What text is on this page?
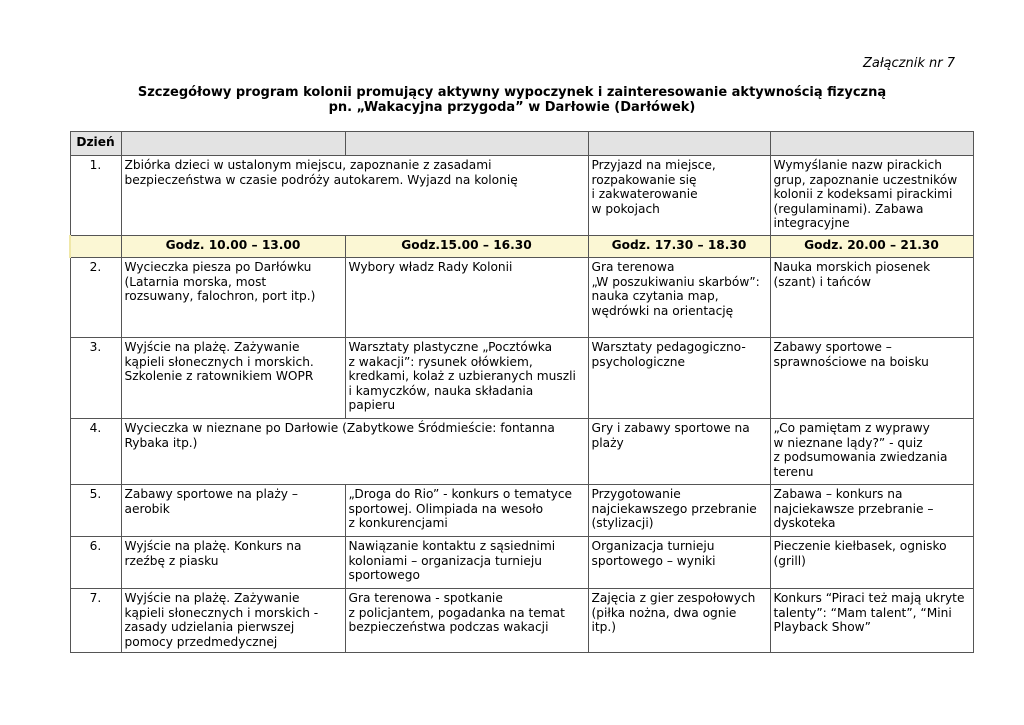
Załącznik nr 7
Szczegółowy program kolonii promujący aktywny wypoczynek i zainteresowanie aktywnością fizyczną
pn. „Wakacyjna przygoda” w Darłowie (Darłówek)
Dzień				
1.	Zbiórka dzieci w ustalonym miejscu, zapoznanie z zasadami
bezpieczeństwa w czasie podróży autokarem. Wyjazd na kolonię		Przyjazd na miejsce,
rozpakowanie się
i zakwaterowanie
w pokojach	Wymyślanie nazw pirackich
grup, zapoznanie uczestników
kolonii z kodeksami pirackimi
(regulaminami). Zabawa
integracyjne

	Godz. 10.00 – 13.00	Godz.15.00 – 16.30	Godz. 17.30 – 18.30	Godz. 20.00 – 21.30
2.	Wycieczka piesza po Darłówku
(Latarnia morska, most
rozsuwany, falochron, port itp.)	Wybory władz Rady Kolonii	Gra terenowa
„W poszukiwaniu skarbów”:
nauka czytania map,
wędrówki na orientację	Nauka morskich piosenek
(szant) i tańców

3.	Wyjście na plażę. Zażywanie
kąpieli słonecznych i morskich.
Szkolenie z ratownikiem WOPR	Warsztaty plastyczne „Pocztówka
z wakacji”: rysunek ołówkiem,
kredkami, kolaż z uzbieranych muszli
i kamyczków, nauka składania
papieru	Warsztaty pedagogiczno-
psychologiczne	Zabawy sportowe –
sprawnościowe na boisku

4.	Wycieczka w nieznane po Darłowie (Zabytkowe Śródmieście: fontanna
Rybaka itp.)		Gry i zabawy sportowe na
plaży	„Co pamiętam z wyprawy
w nieznane lądy?” - quiz
z podsumowania zwiedzania
terenu

5.	Zabawy sportowe na plaży –
aerobik	„Droga do Rio” - konkurs o tematyce
sportowej. Olimpiada na wesoło
z konkurencjami	Przygotowanie
najciekawszego przebranie
(stylizacji)	Zabawa – konkurs na
najciekawsze przebranie –
dyskoteka

6.	Wyjście na plażę. Konkurs na
rzeźbę z piasku	Nawiązanie kontaktu z sąsiednimi
koloniami – organizacja turnieju
sportowego	Organizacja turnieju
sportowego – wyniki	Pieczenie kiełbasek, ognisko
(grill)

7.	Wyjście na plażę. Zażywanie
kąpieli słonecznych i morskich -
zasady udzielania pierwszej
pomocy przedmedycznej	Gra terenowa - spotkanie
z policjantem, pogadanka na temat
bezpieczeństwa podczas wakacji	Zajęcia z gier zespołowych
(piłka nożna, dwa ognie
itp.)	Konkurs “Piraci też mają ukryte
talenty”: “Mam talent”, “Mini
Playback Show”
